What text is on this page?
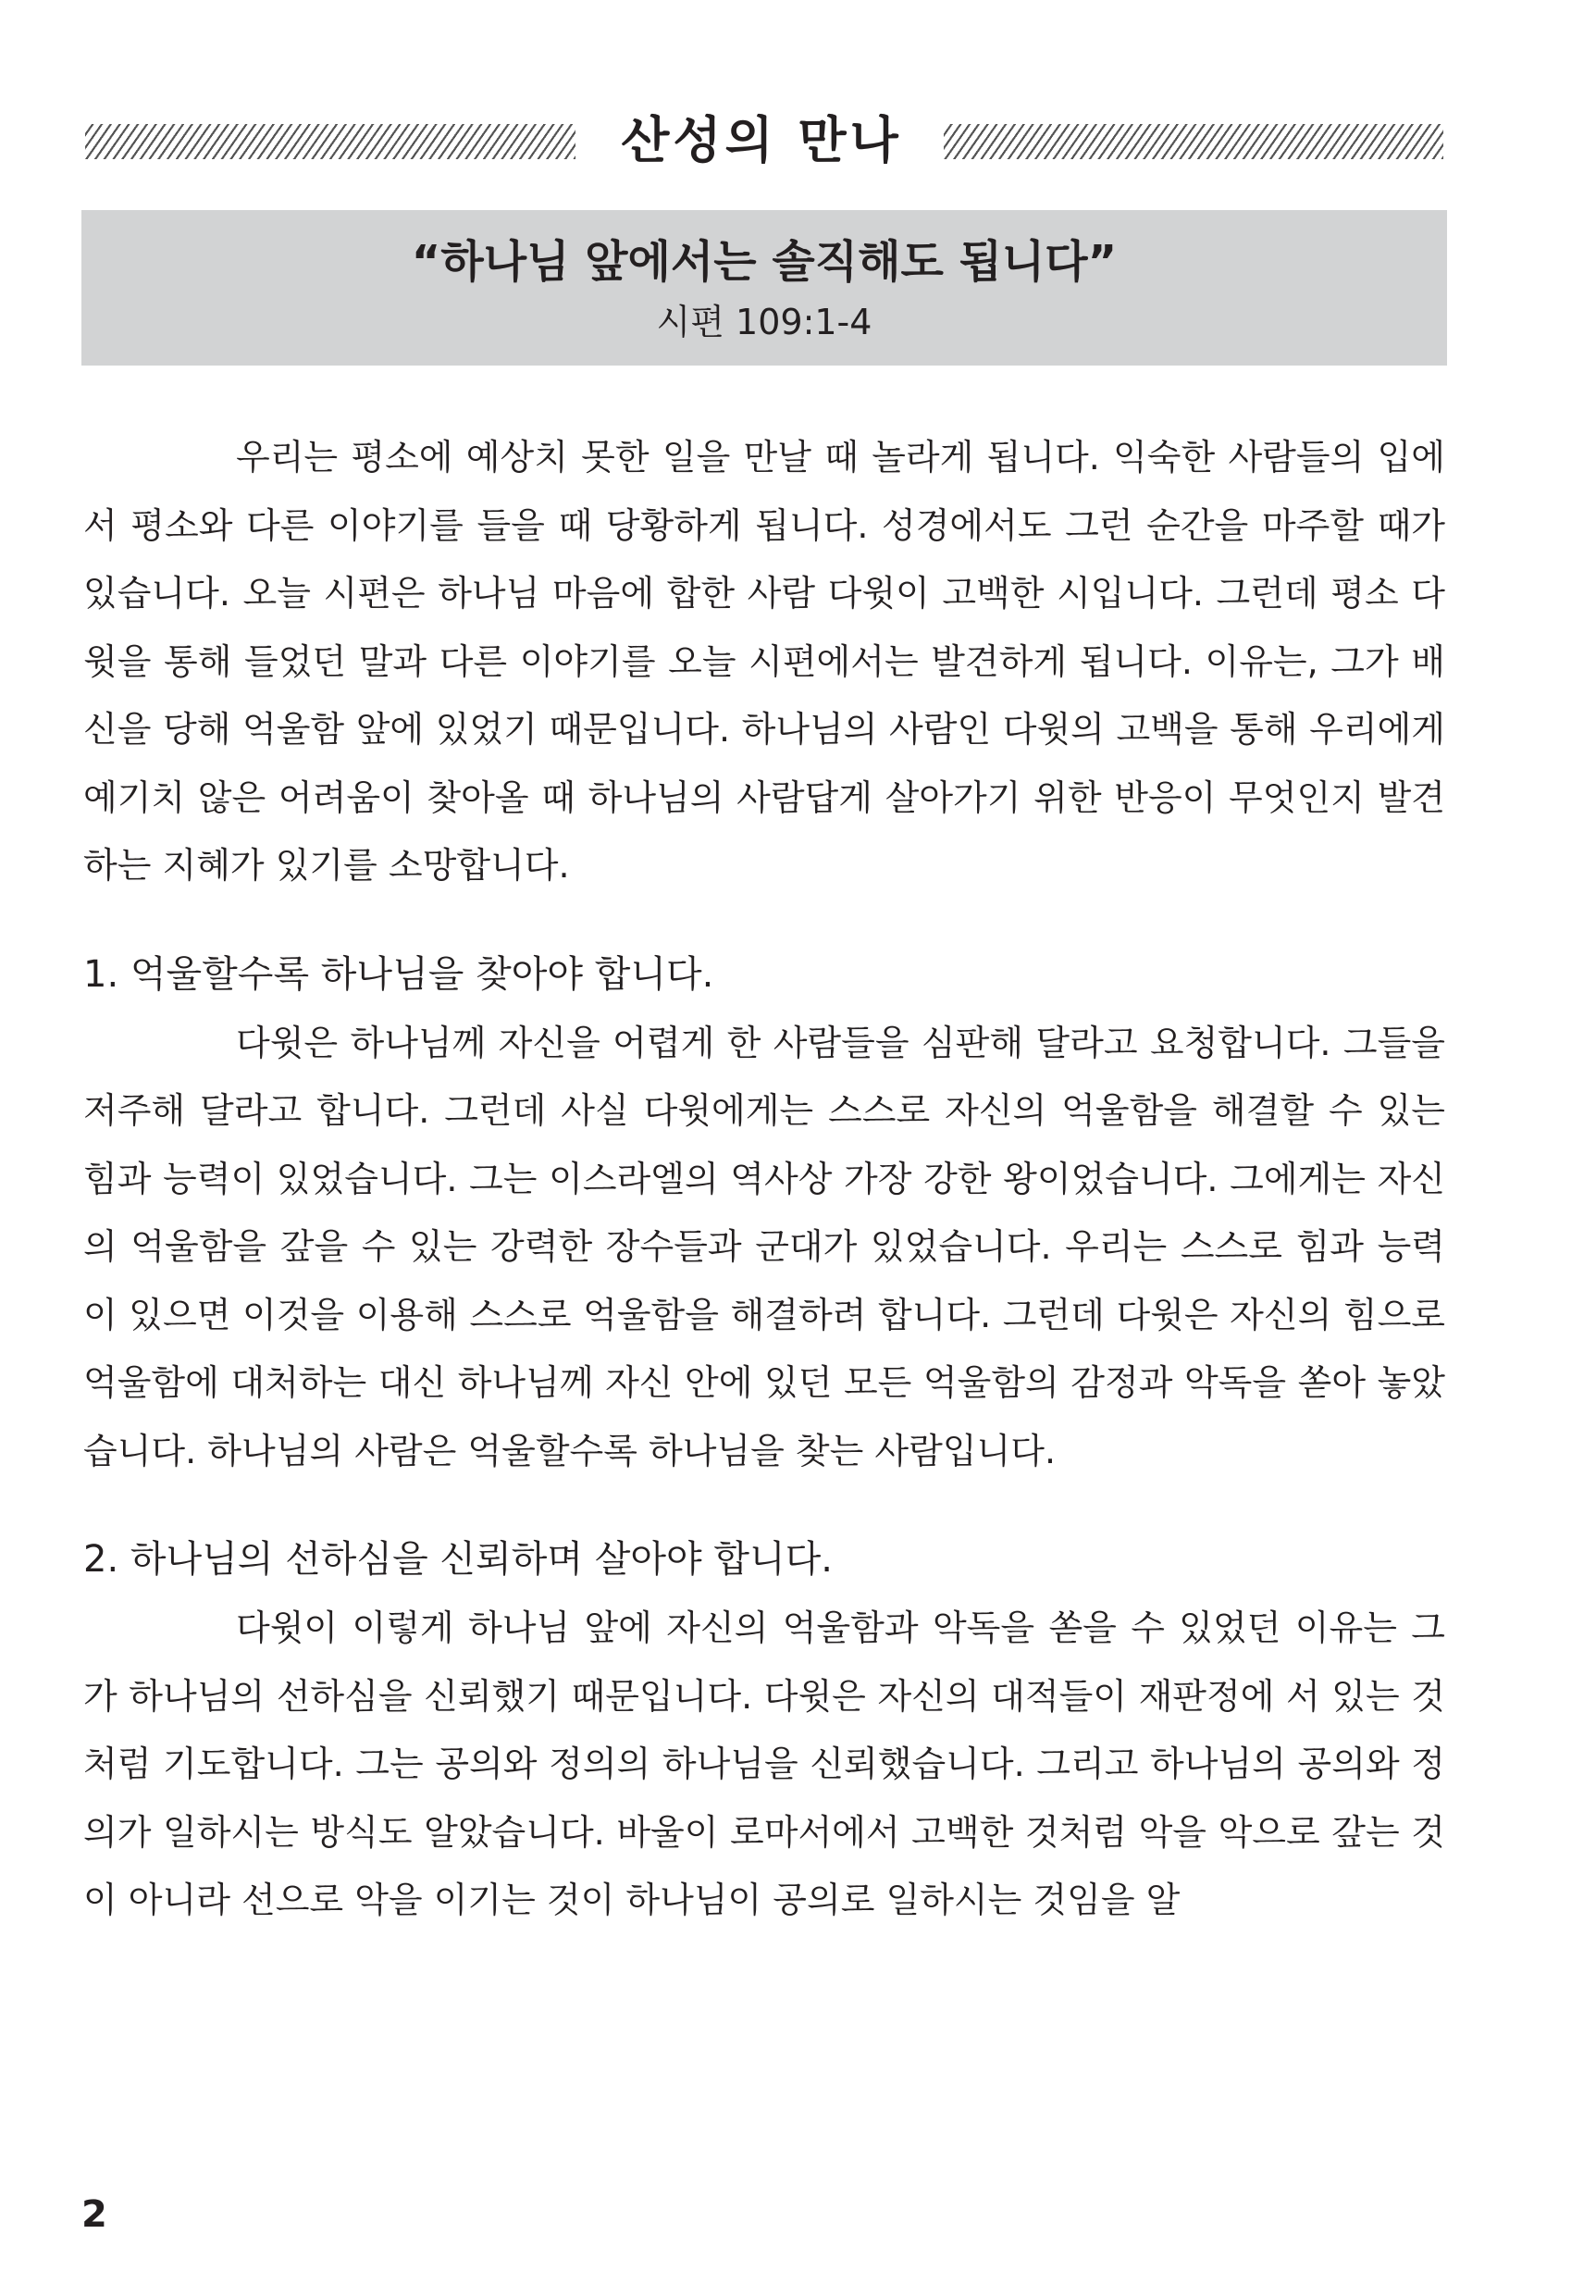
산성의 만나
“하나님 앞에서는 솔직해도 됩니다”
시편 109:1-4

우리는 평소에 예상치 못한 일을 만날 때 놀라게 됩니다. 익숙한 사람들의 입에서 평소와 다른 이야기를 들을 때 당황하게 됩니다. 성경에서도 그런 순간을 마주할 때가 있습니다. 오늘 시편은 하나님 마음에 합한 사람 다윗이 고백한 시입니다. 그런데 평소 다윗을 통해 들었던 말과 다른 이야기를 오늘 시편에서는 발견하게 됩니다. 이유는, 그가 배신을 당해 억울함 앞에 있었기 때문입니다. 하나님의 사람인 다윗의 고백을 통해 우리에게 예기치 않은 어려움이 찾아올 때 하나님의 사람답게 살아가기 위한 반응이 무엇인지 발견하는 지혜가 있기를 소망합니다.

1. 억울할수록 하나님을 찾아야 합니다.

다윗은 하나님께 자신을 어렵게 한 사람들을 심판해 달라고 요청합니다. 그들을 저주해 달라고 합니다. 그런데 사실 다윗에게는 스스로 자신의 억울함을 해결할 수 있는 힘과 능력이 있었습니다. 그는 이스라엘의 역사상 가장 강한 왕이었습니다. 그에게는 자신의 억울함을 갚을 수 있는 강력한 장수들과 군대가 있었습니다. 우리는 스스로 힘과 능력이 있으면 이것을 이용해 스스로 억울함을 해결하려 합니다. 그런데 다윗은 자신의 힘으로 억울함에 대처하는 대신 하나님께 자신 안에 있던 모든 억울함의 감정과 악독을 쏟아 놓았습니다. 하나님의 사람은 억울할수록 하나님을 찾는 사람입니다.

2. 하나님의 선하심을 신뢰하며 살아야 합니다.

다윗이 이렇게 하나님 앞에 자신의 억울함과 악독을 쏟을 수 있었던 이유는 그가 하나님의 선하심을 신뢰했기 때문입니다. 다윗은 자신의 대적들이 재판정에 서 있는 것처럼 기도합니다. 그는 공의와 정의의 하나님을 신뢰했습니다. 그리고 하나님의 공의와 정의가 일하시는 방식도 알았습니다. 바울이 로마서에서 고백한 것처럼 악을 악으로 갚는 것이 아니라 선으로 악을 이기는 것이 하나님이 공의로 일하시는 것임을 알

2
